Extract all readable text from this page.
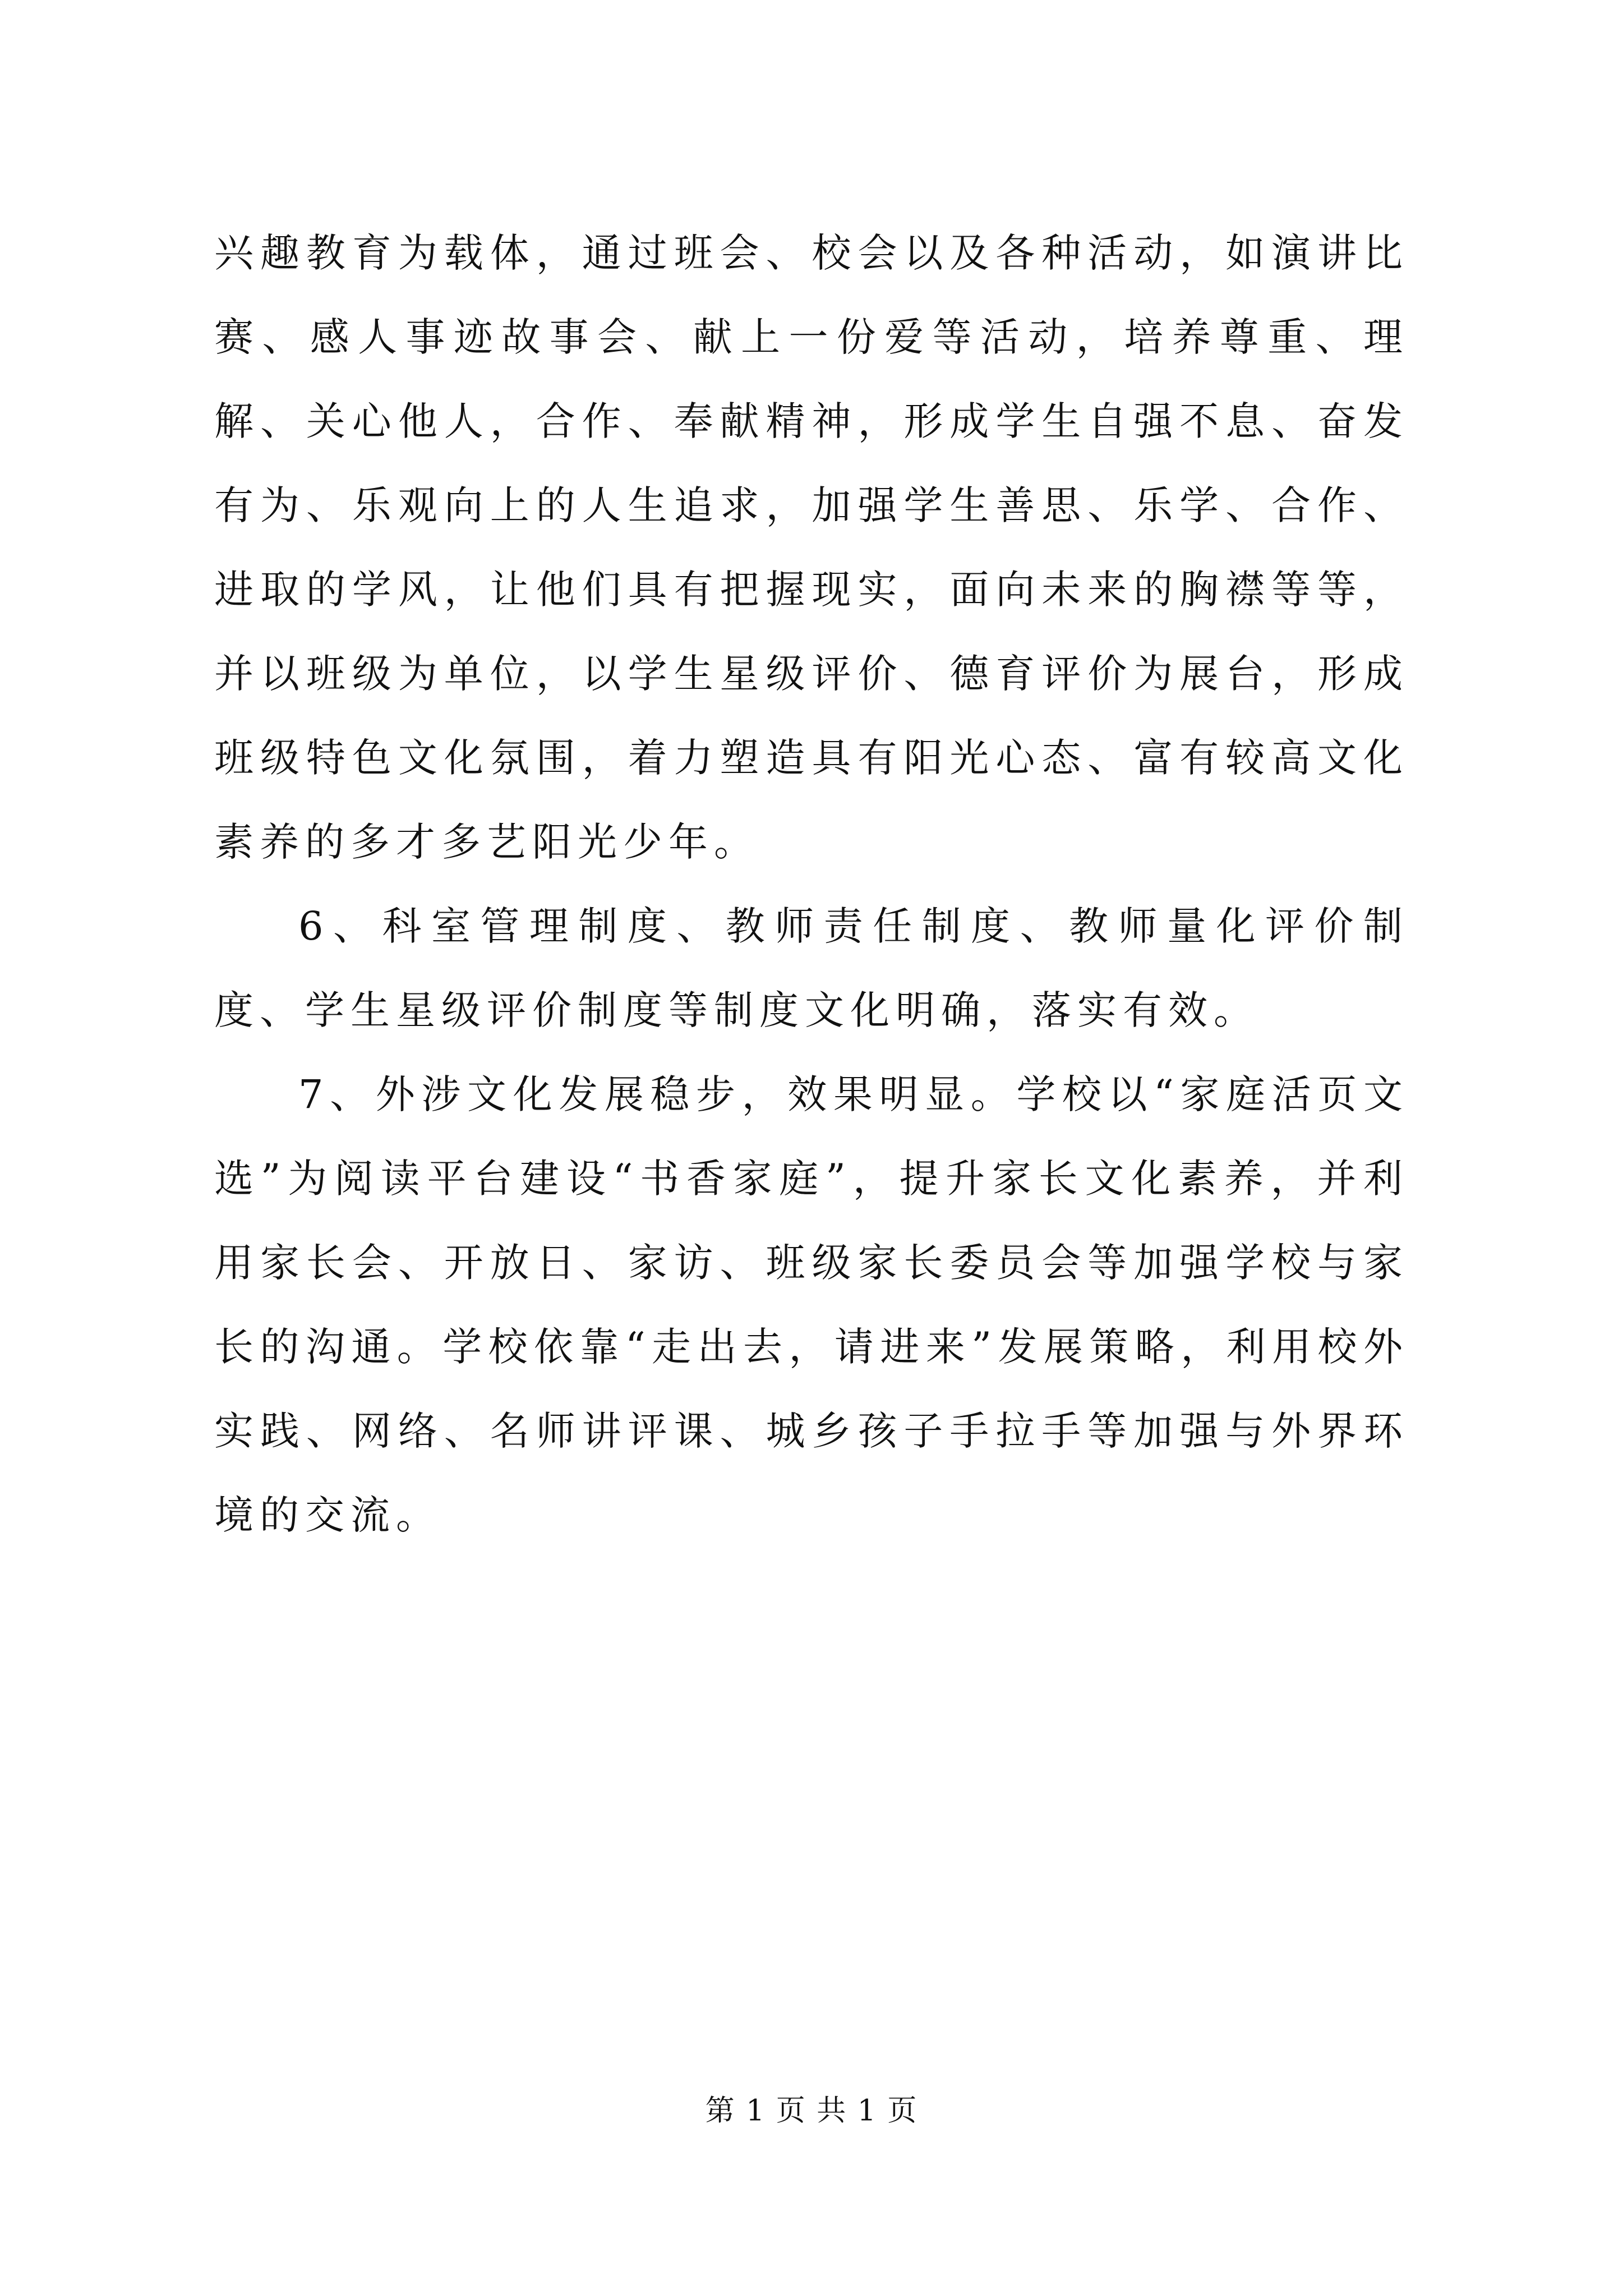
兴趣教育为载体，通过班会、校会以及各种活动，如演讲比赛、感人事迹故事会、献上一份爱等活动，培养尊重、理解、关心他人，合作、奉献精神，形成学生自强不息、奋发有为、乐观向上的人生追求，加强学生善思、乐学、合作、进取的学风，让他们具有把握现实，面向未来的胸襟等等，并以班级为单位，以学生星级评价、德育评价为展台，形成班级特色文化氛围，着力塑造具有阳光心态、富有较高文化素养的多才多艺阳光少年。

6、科室管理制度、教师责任制度、教师量化评价制度、学生星级评价制度等制度文化明确，落实有效。

7、外涉文化发展稳步，效果明显。学校以“家庭活页文选”为阅读平台建设“书香家庭”，提升家长文化素养，并利用家长会、开放日、家访、班级家长委员会等加强学校与家长的沟通。学校依靠“走出去，请进来”发展策略，利用校外实践、网络、名师讲评课、城乡孩子手拉手等加强与外界环境的交流。

第 1 页 共 1 页
